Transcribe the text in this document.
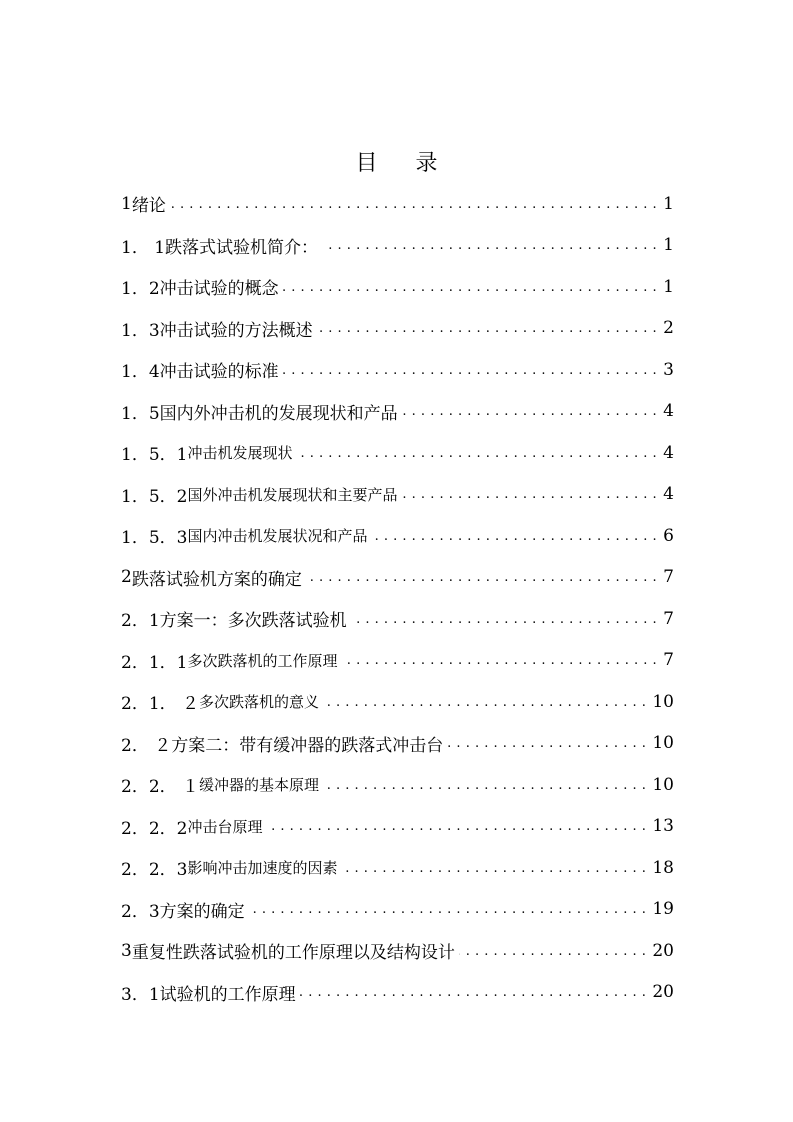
目 录
1 绪论 . . .	1
1． 1 跌落式试验机简介： . . .	1
1．2 冲击试验的概念 . . .	1
1．3 冲击试验的方法概述 . . .	2
1．4 冲击试验的标准 . . .	3
1．5 国内外冲击机的发展现状和产品 . . .	4
1．5．1 冲击机发展现状 . . .	4
1．5．2 国外冲击机发展现状和主要产品 . . .	4
1．5．3 国内冲击机发展状况和产品 . . .	6
2 跌落试验机方案的确定 . . .	7
2．1 方案一：多次跌落试验机 . . .	7
2．1．1 多次跌落机的工作原理 . . .	7
2．1． ２ 多次跌落机的意义 . . .	10
2． ２ 方案二：带有缓冲器的跌落式冲击台 . . .	10
2．2． １ 缓冲器的基本原理 . . .	10
2．2．2 冲击台原理 . . .	13
2．2．3 影响冲击加速度的因素 . . .	18
2．3 方案的确定 . . .	19
3 重复性跌落试验机的工作原理以及结构设计 . . .	20
3．1 试验机的工作原理 . . .	20
